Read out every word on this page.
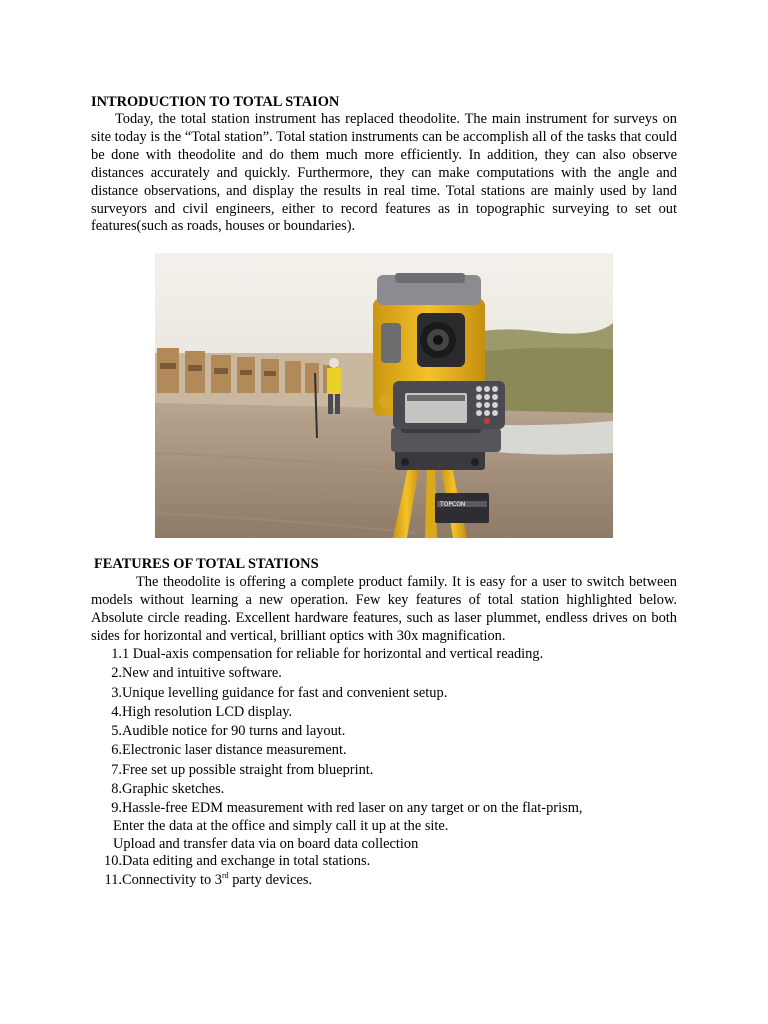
INTRODUCTION TO TOTAL STAION

Today, the total station instrument has replaced theodolite. The main instrument for surveys on site today is the “Total station”. Total station instruments can be accomplish all of the tasks that could be done with theodolite and do them much more efficiently. In addition, they can also observe distances accurately and quickly. Furthermore, they can make computations with the angle and distance observations, and display the results in real time. Total stations are mainly used by land surveyors and civil engineers, either to record features as in topographic surveying to set out features(such as roads, houses or boundaries).

TOPCON
FEATURES OF TOTAL STATIONS

The theodolite is offering a complete product family. It is easy for a user to switch between models without learning a new operation. Few key features of total station highlighted below. Absolute circle reading. Excellent hardware features, such as laser plummet, endless drives on both sides for horizontal and vertical, brilliant optics with 30x magnification.

1. 1 Dual-axis compensation for reliable for horizontal and vertical reading.
2. New and intuitive software.
3. Unique levelling guidance for fast and convenient setup.
4. High resolution LCD display.
5. Audible notice for 90 turns and layout.
6. Electronic laser distance measurement.
7. Free set up possible straight from blueprint.
8. Graphic sketches.
9. Hassle-free EDM measurement with red laser on any target or on the flat-prism,
Enter the data at the office and simply call it up at the site.
Upload and transfer data via on board data collection
10. Data editing and exchange in total stations.
11. Connectivity to 3rd party devices.
